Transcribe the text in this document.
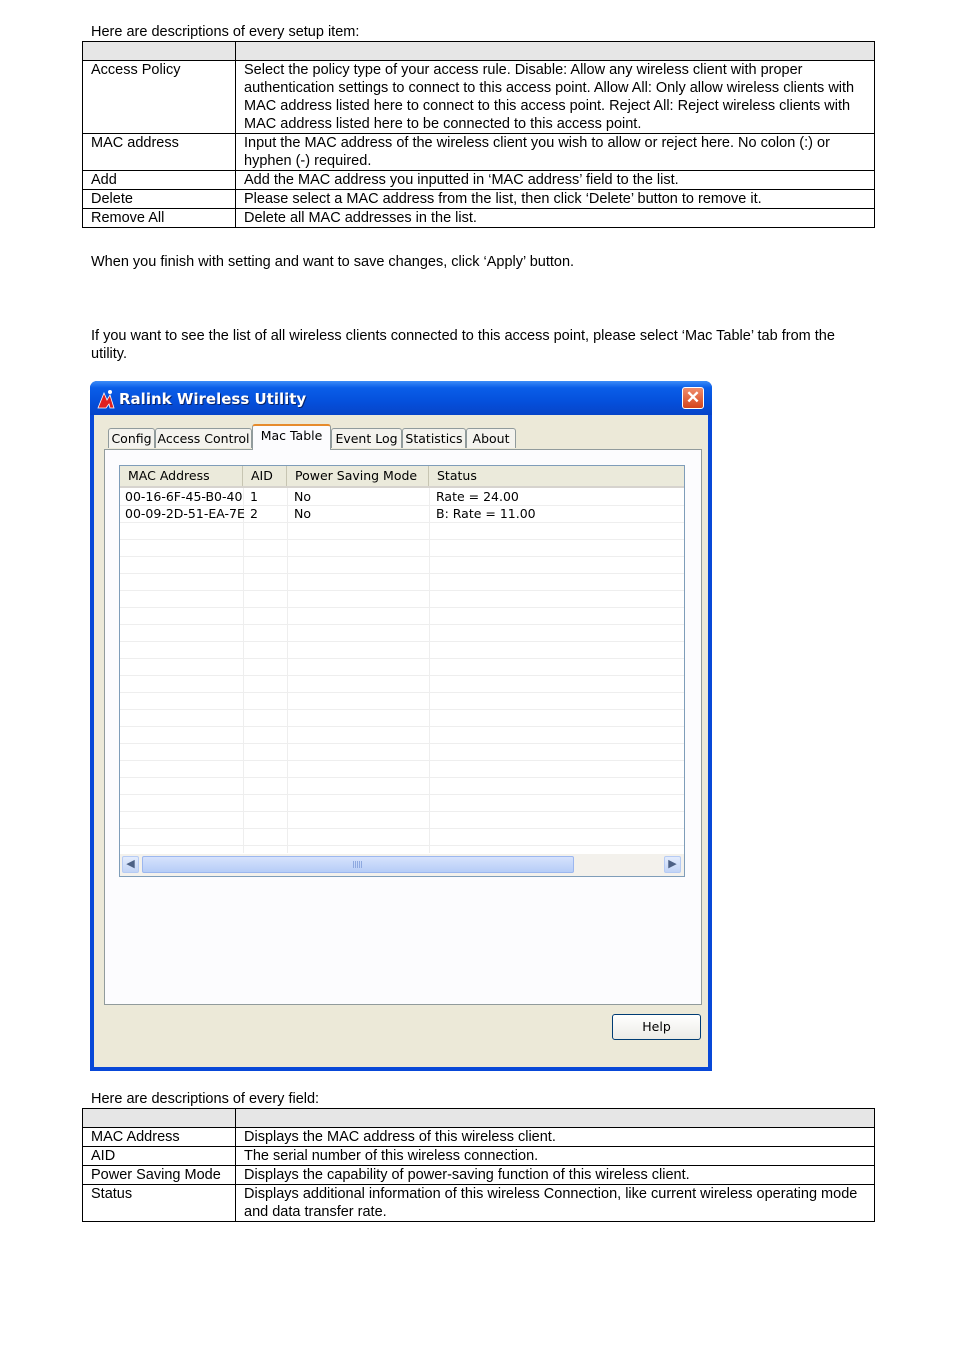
Here are descriptions of every setup item:

Access Policy	Select the policy type of your access rule. Disable: Allow any wireless client with proper authentication settings to connect to this access point. Allow All: Only allow wireless clients with MAC address listed here to connect to this access point. Reject All: Reject wireless clients with MAC address listed here to be connected to this access point.
MAC address	Input the MAC address of the wireless client you wish to allow or reject here. No colon (:) or hyphen (-) required.
Add	Add the MAC address you inputted in ‘MAC address’ field to the list.
Delete	Please select a MAC address from the list, then click ‘Delete’ button to remove it.
Remove All	Delete all MAC addresses in the list.
When you finish with setting and want to save changes, click ‘Apply’ button.
If you want to see the list of all wireless clients connected to this access point, please select ‘Mac Table’ tab from the utility.
Ralink Wireless Utility	✕
Config Access Control Mac Table	Event Log Statistics About
MAC Address	AID	Power Saving Mode	Status
00-16-6F-45-B0-40 1	No	Rate = 24.00
00-09-2D-51-EA-7E 2	No	B: Rate = 11.00
◀	▶
Help
Here are descriptions of every field:

MAC Address	Displays the MAC address of this wireless client.
AID	The serial number of this wireless connection.
Power Saving Mode	Displays the capability of power-saving function of this wireless client.
Status	Displays additional information of this wireless Connection, like current wireless operating mode and data transfer rate.
